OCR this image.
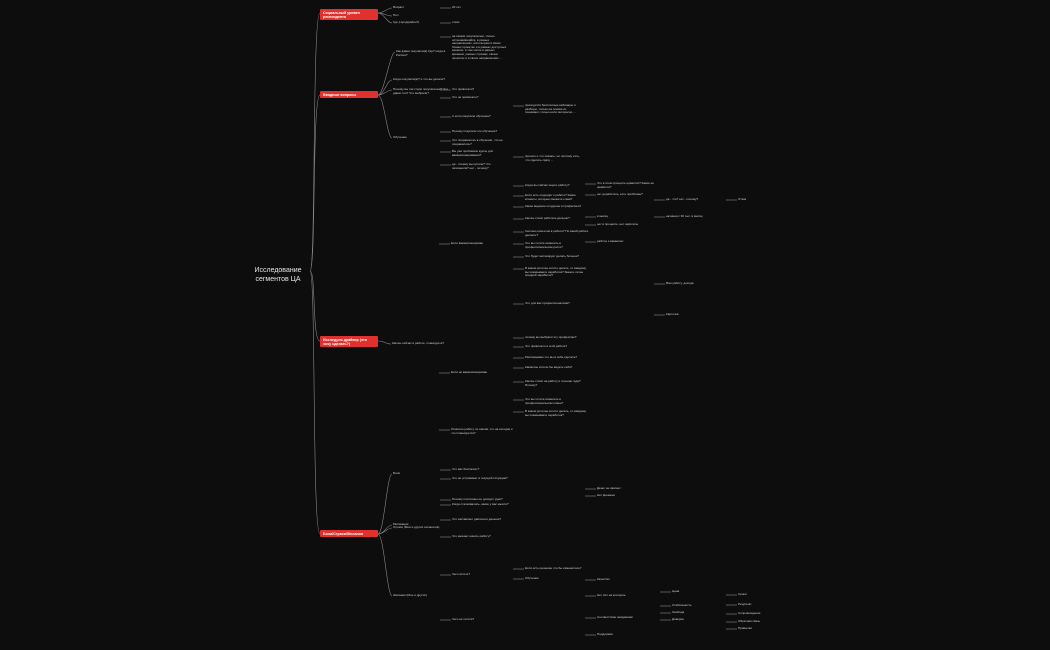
Исследование сегментов ЦА
Социальный уровен респондента
Вводные вопросы
Исследуем драйвер (что хочу сделать?)
Боли/Страхи/Желания
Возраст
Пол
Где (город/район?)
20 лет
отказ
Как давно покупали(а) Где? когда в России?
на самом покупателем, только остановившийся, в разных направлениях, используем в своих бизнес проектах и в рамках доступных каналах, в том числе в разных времени, разных странах, своем проектах и в своих направлениях ...
Когда покупали(а)? и что вы делали?
Почему вы так стали покупателем? Что давно это? Что выбрали?
Что привлекло?
Что не привлекло?
Обучение
А если покупали обучение?
Почему покупали это обучение?
Что понравилось в обучении, что не понравилось?
Вы уже пробовали курсы для вакансионирования?
да - почему вы купили? Что запомнили? нет - почему?
приходится бесплатные вебинары и разборы, только на основе их понимают, только если интересно ...
прошло и что сказать, но поэтому есть, что сделать сразу ...
Как вы сейчас в работе, планируете?
Если вакансионирован
Если не вакансионирован
Когда вы сейчас ищете работу?
Если есть подходит к работе? Какие клиенты, которые сможете к вам?
Какое видение откуда вы в профессию?
Как вы стали работать дальше?
Сколько клиентов в работе? По какой работе делаете?
Что вы хотите изменить в профессиональном росте?
Что будет мотивирует делать больше?
В каком роли вы хотите делать, то каждому вы показываете заработок? Знаете ли вы средний заработок?
Что для вас профессионализм?
Что в этом процессе нравится? Какие не нравится?
нет доработать, есть проблемы?
да - что? нет - почему?
в месяц
нет в процессе, нет зарплаты
начиная с 30 тыс. в месяц
Всю работу, дохода.
Карточка
работы к вакансии:
почему вы выбрали эту профессию?
Что привлекло в этой работе?
Рассказываю что вы в себе сделать?
Каким вы хотели бы видеть себя?
Как вы стали на работу в течение года? Почему?
Что вы хотите изменить в профессиональном плане?
В каком роли вы хотите делать, то каждому вы показываете заработок?
Опишите работу по шагам, что на сегодня и что планируется?
Боли
Что вас беспокоит?
Что не устраивает в текущей ситуации?
Почему постоянно не доходят руки?
Когда сталкивались, какие у вас мысли?
Мотивация
Что заставляет двигаться дальше?
Что мешает начать работу?
Страхи (Мои и других сегментов)
Желания (Мое и других)
Чего хотите?
Чего не хотите?
Если есть решение что бы изменилось?
Денег не хватает
Нет времени
Отказ
Сроки
Нет сил на контроль
Соответствие ожиданиям
Обучение	Качество
Цена
Доверие
Результат
Сопровождение
Обратная связь
Привычки
Поддержка
Стабильность
Свобода
